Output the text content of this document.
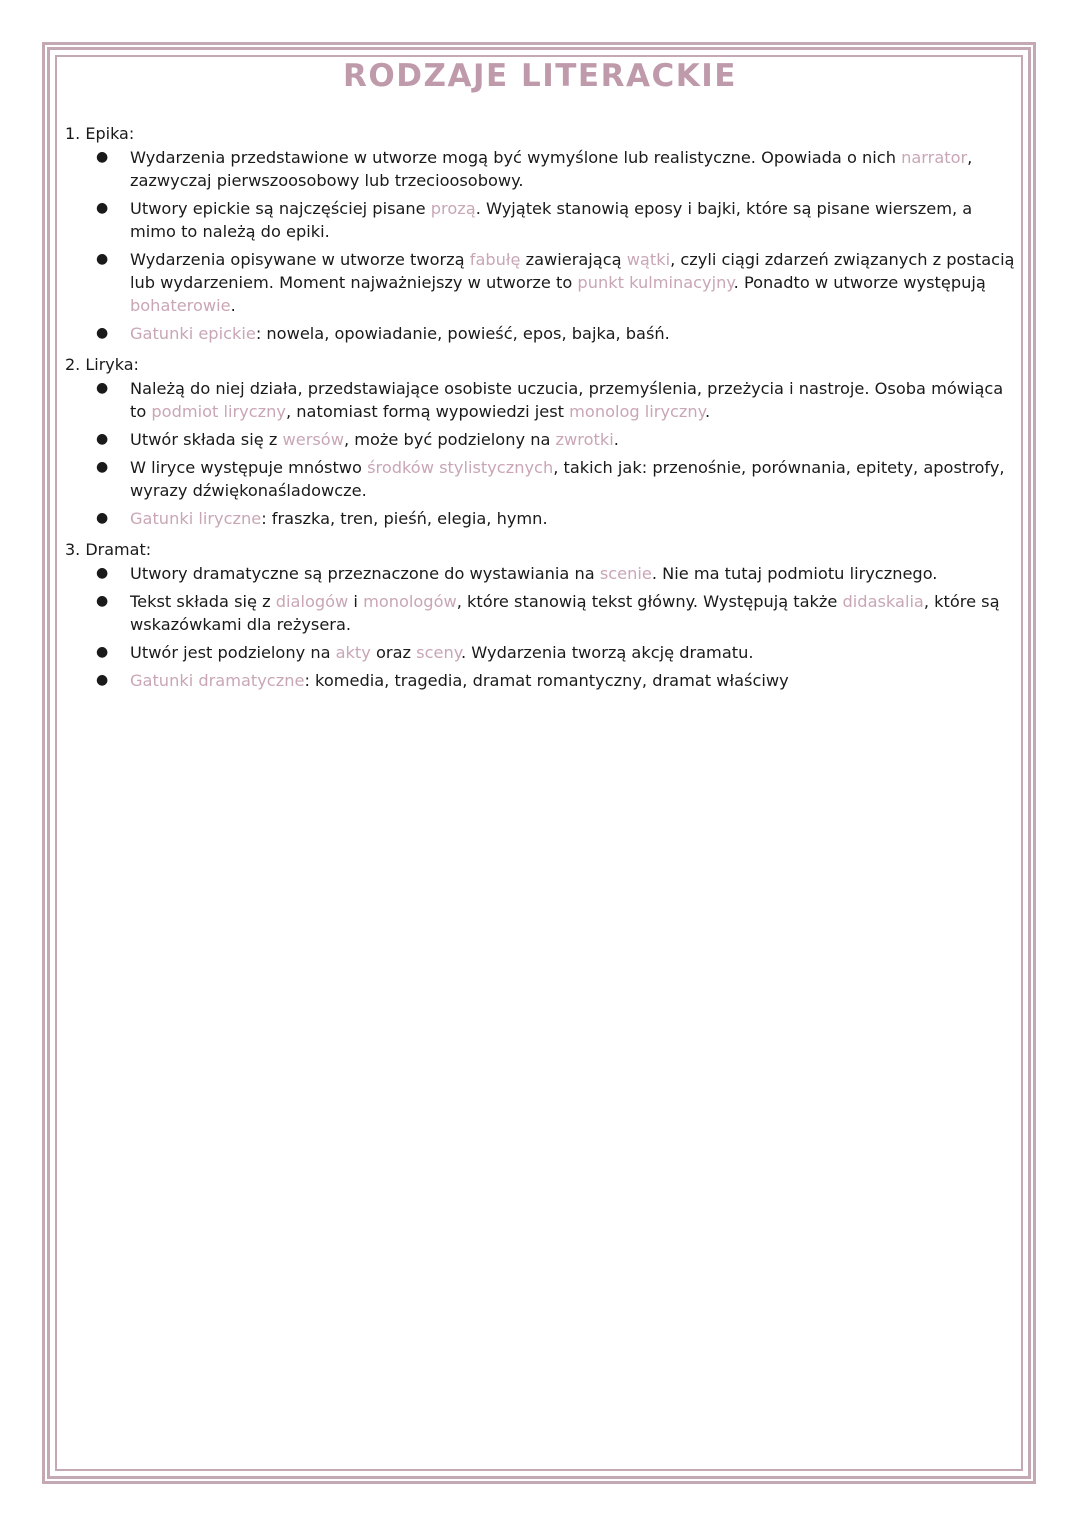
RODZAJE LITERACKIE

1. Epika:

● Wydarzenia przedstawione w utworze mogą być wymyślone lub realistyczne. Opowiada o nich narrator, zazwyczaj pierwszoosobowy lub trzecioosobowy.
● Utwory epickie są najczęściej pisane prozą. Wyjątek stanowią eposy i bajki, które są pisane wierszem, a mimo to należą do epiki.
● Wydarzenia opisywane w utworze tworzą fabułę zawierającą wątki, czyli ciągi zdarzeń związanych z postacią lub wydarzeniem. Moment najważniejszy w utworze to punkt kulminacyjny. Ponadto w utworze występują bohaterowie.
● Gatunki epickie: nowela, opowiadanie, powieść, epos, bajka, baśń.

2. Liryka:

● Należą do niej działa, przedstawiające osobiste uczucia, przemyślenia, przeżycia i nastroje. Osoba mówiąca to podmiot liryczny, natomiast formą wypowiedzi jest monolog liryczny.
● Utwór składa się z wersów, może być podzielony na zwrotki.
● W liryce występuje mnóstwo środków stylistycznych, takich jak: przenośnie, porównania, epitety, apostrofy, wyrazy dźwiękonaśladowcze.
● Gatunki liryczne: fraszka, tren, pieśń, elegia, hymn.

3. Dramat:

● Utwory dramatyczne są przeznaczone do wystawiania na scenie. Nie ma tutaj podmiotu lirycznego.
● Tekst składa się z dialogów i monologów, które stanowią tekst główny. Występują także didaskalia, które są wskazówkami dla reżysera.
● Utwór jest podzielony na akty oraz sceny. Wydarzenia tworzą akcję dramatu.
● Gatunki dramatyczne: komedia, tragedia, dramat romantyczny, dramat właściwy
